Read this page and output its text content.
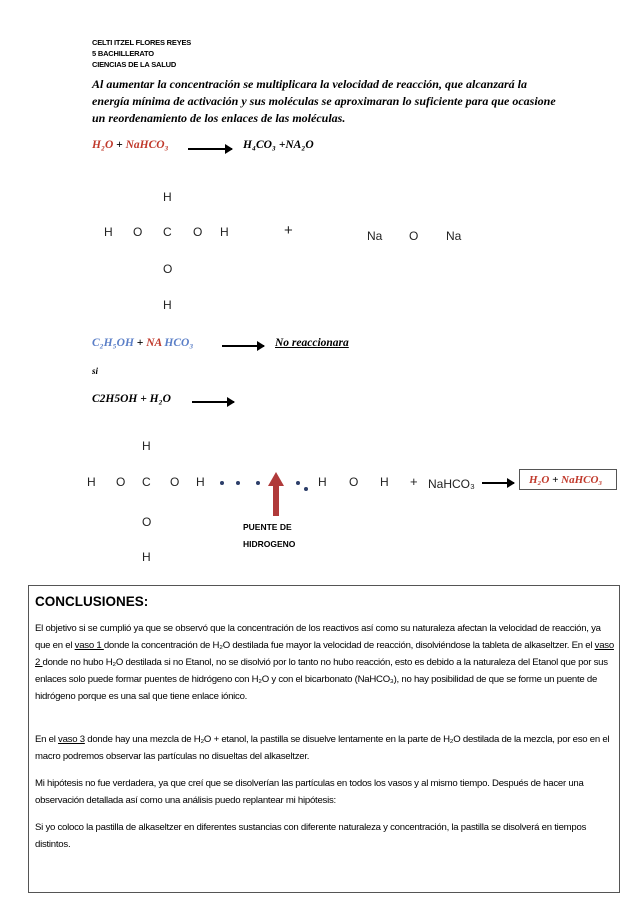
CELTI ITZEL FLORES REYES
5 BACHILLERATO
CIENCIAS DE LA SALUD
Al aumentar la concentración se multiplicara la velocidad de reacción, que alcanzará la energía mínima de activación y sus moléculas se aproximaran lo suficiente para que ocasione un reordenamiento de los enlaces de las moléculas.
H₂O + NaHCO₃ → H₄CO₃ +NA₂O
H
H O C O H	+	Na O Na
O
H
C₂H₅OH + NA HCO₃ → No reaccionara
si
C2H5OH + H₂O →
H
H O C O H	H O H + NaHCO₃ →	H₂O + NaHCO₃
PUENTE DE
HIDROGENO
O
H
CONCLUSIONES:
El objetivo si se cumplió ya que se observó que la concentración de los reactivos así como su naturaleza afectan la velocidad de reacción, ya que en el vaso 1 donde la concentración de H₂O destilada fue mayor la velocidad de reacción, disolviéndose la tableta de alkaseltzer. En el vaso 2 donde no hubo H₂O destilada si no Etanol, no se disolvió por lo tanto no hubo reacción, esto es debido a la naturaleza del Etanol que por sus enlaces solo puede formar puentes de hidrógeno con H₂O y con el bicarbonato (NaHCO₃), no hay posibilidad de que se forme un puente de hidrógeno porque es una sal que tiene enlace iónico.
En el vaso 3 donde hay una mezcla de H₂O + etanol, la pastilla se disuelve lentamente en la parte de H₂O destilada de la mezcla, por eso en el macro podremos observar las partículas no disueltas del alkaseltzer.
Mi hipótesis no fue verdadera, ya que creí que se disolverían las partículas en todos los vasos y al mismo tiempo. Después de hacer una observación detallada así como una análisis puedo replantear mi hipótesis:
Si yo coloco la pastilla de alkaseltzer en diferentes sustancias con diferente naturaleza y concentración, la pastilla se disolverá en tiempos distintos.
